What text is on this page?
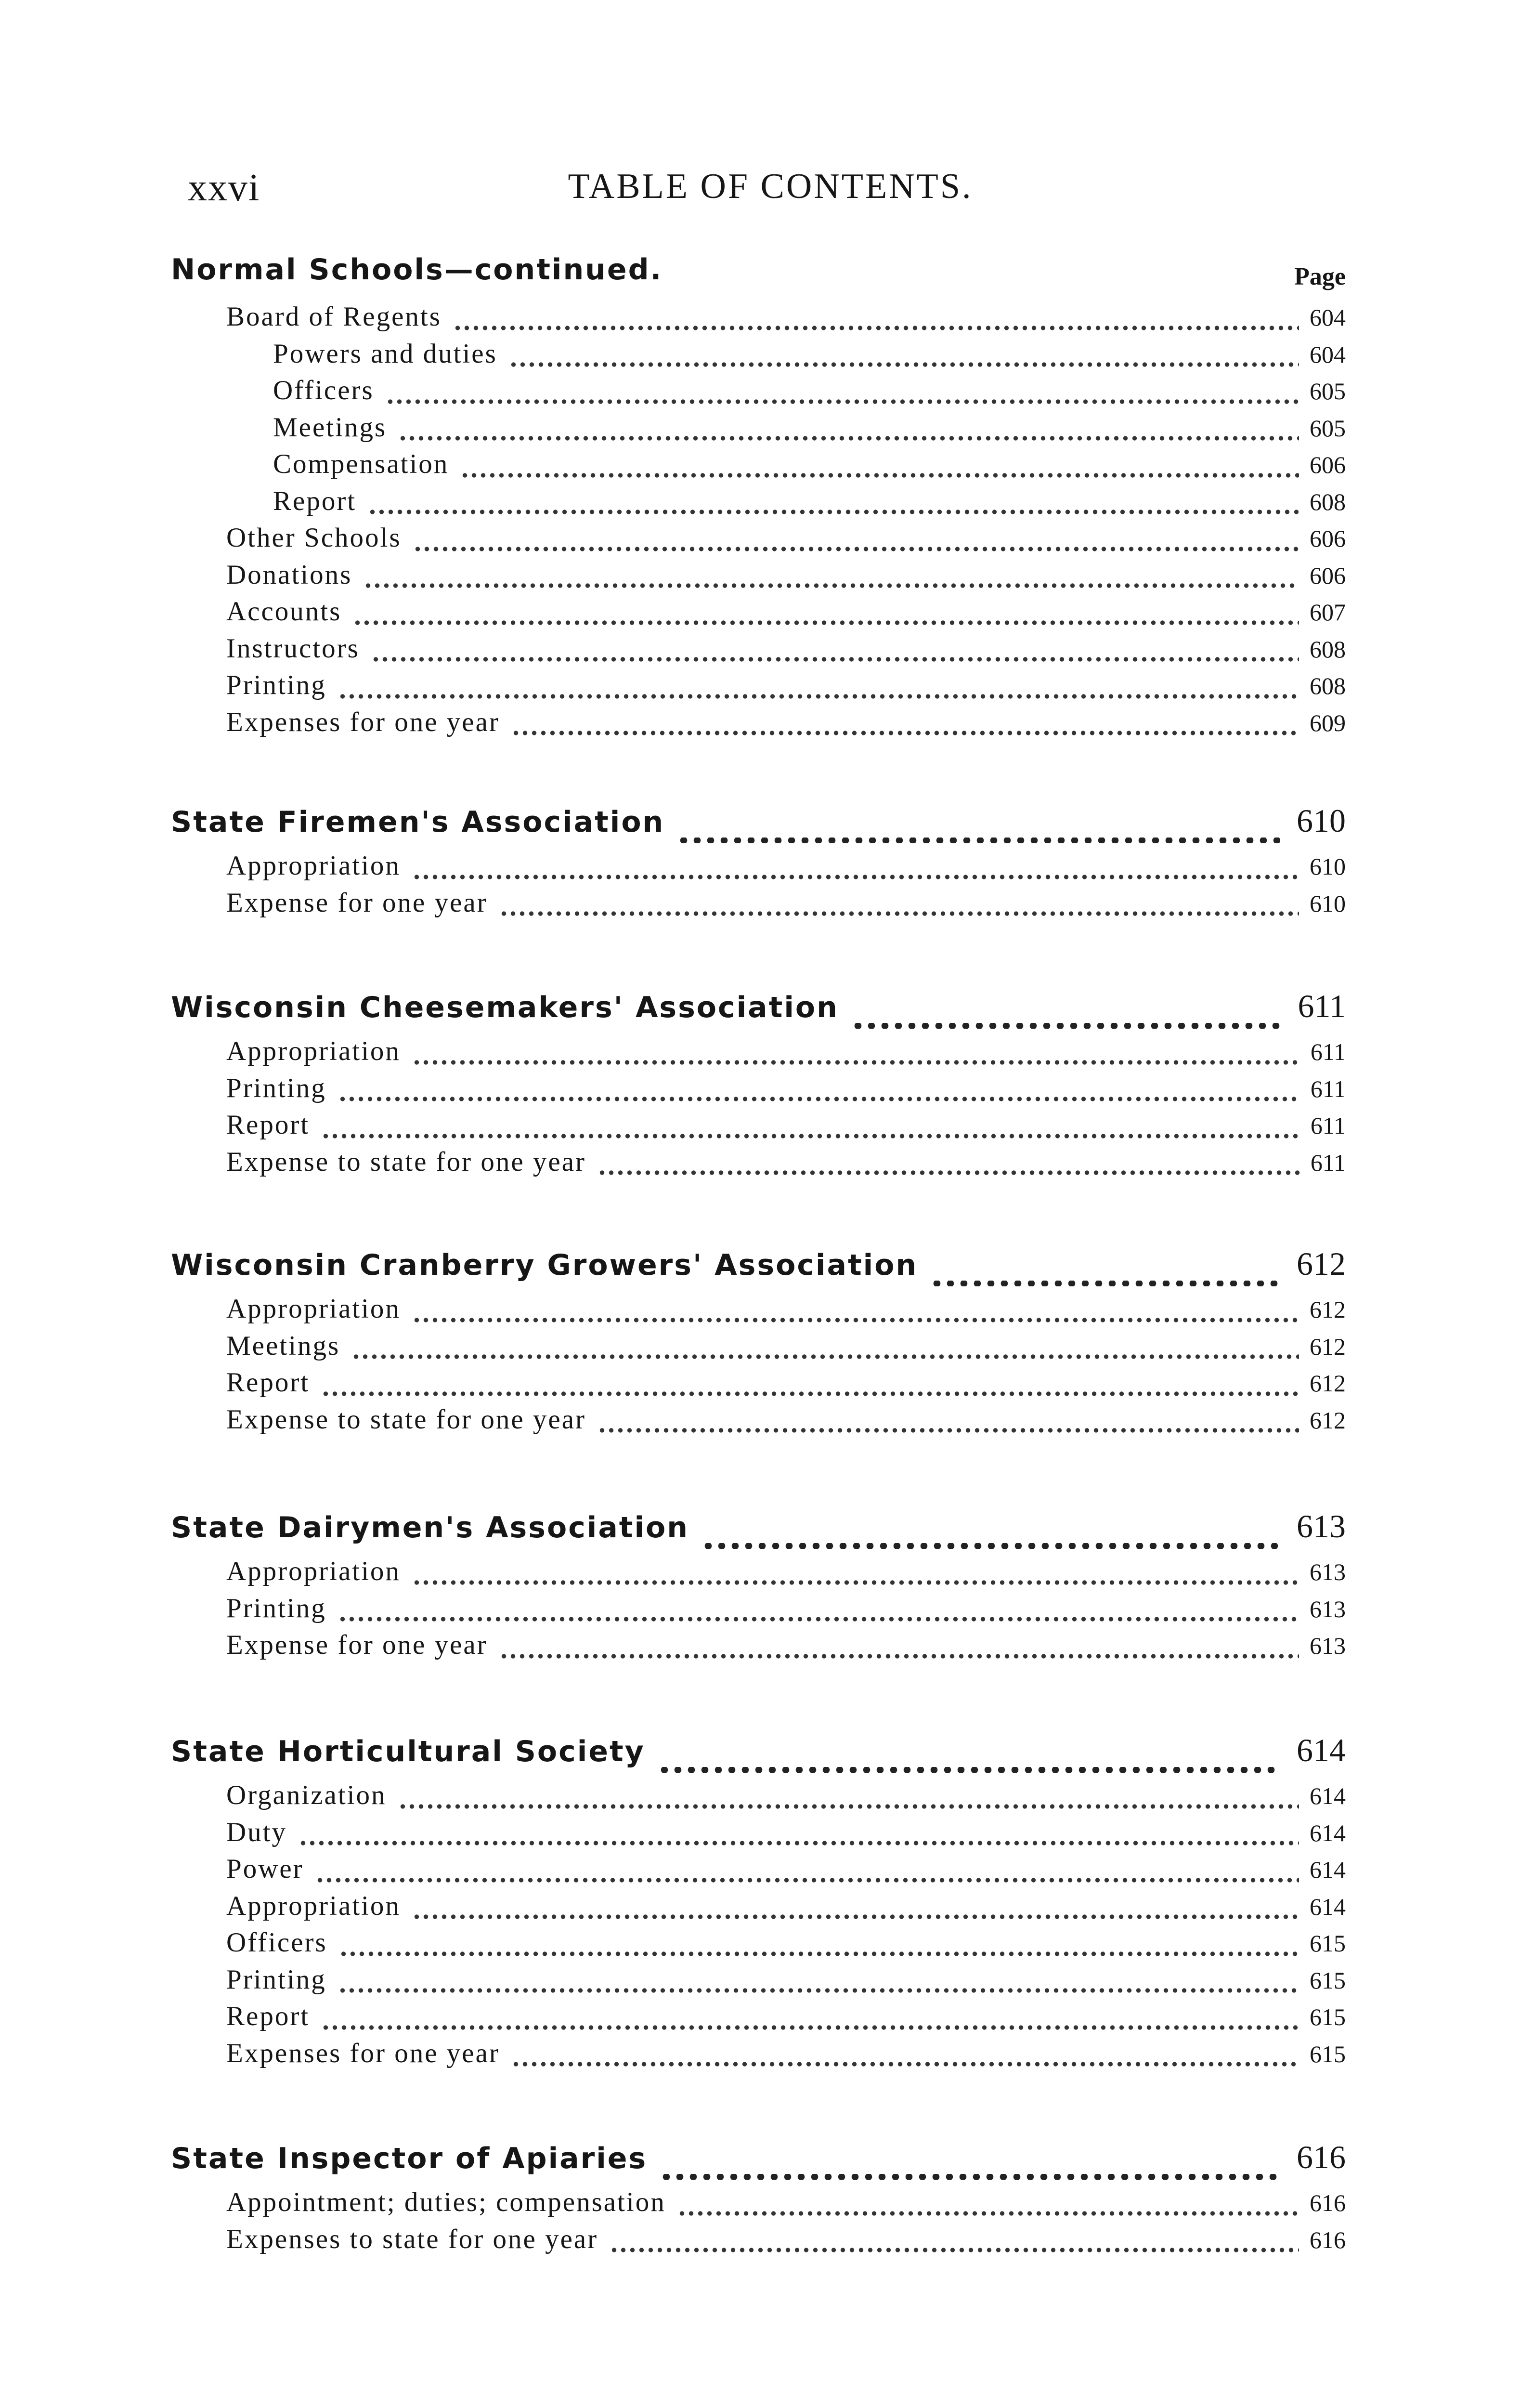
xxvi	TABLE OF CONTENTS.
Normal Schools—continued.	Page
Board of Regents	604
Powers and duties	604
Officers	605
Meetings	605
Compensation	606
Report	608
Other Schools	606
Donations	606
Accounts	607
Instructors	608
Printing	608
Expenses for one year	609
State Firemen's Association	610
Appropriation	610
Expense for one year	610
Wisconsin Cheesemakers' Association	611
Appropriation	611
Printing	611
Report	611
Expense to state for one year	611
Wisconsin Cranberry Growers' Association	612
Appropriation	612
Meetings	612
Report	612
Expense to state for one year	612
State Dairymen's Association	613
Appropriation	613
Printing	613
Expense for one year	613
State Horticultural Society	614
Organization	614
Duty	614
Power	614
Appropriation	614
Officers	615
Printing	615
Report	615
Expenses for one year	615
State Inspector of Apiaries	616
Appointment; duties; compensation	616
Expenses to state for one year	616
